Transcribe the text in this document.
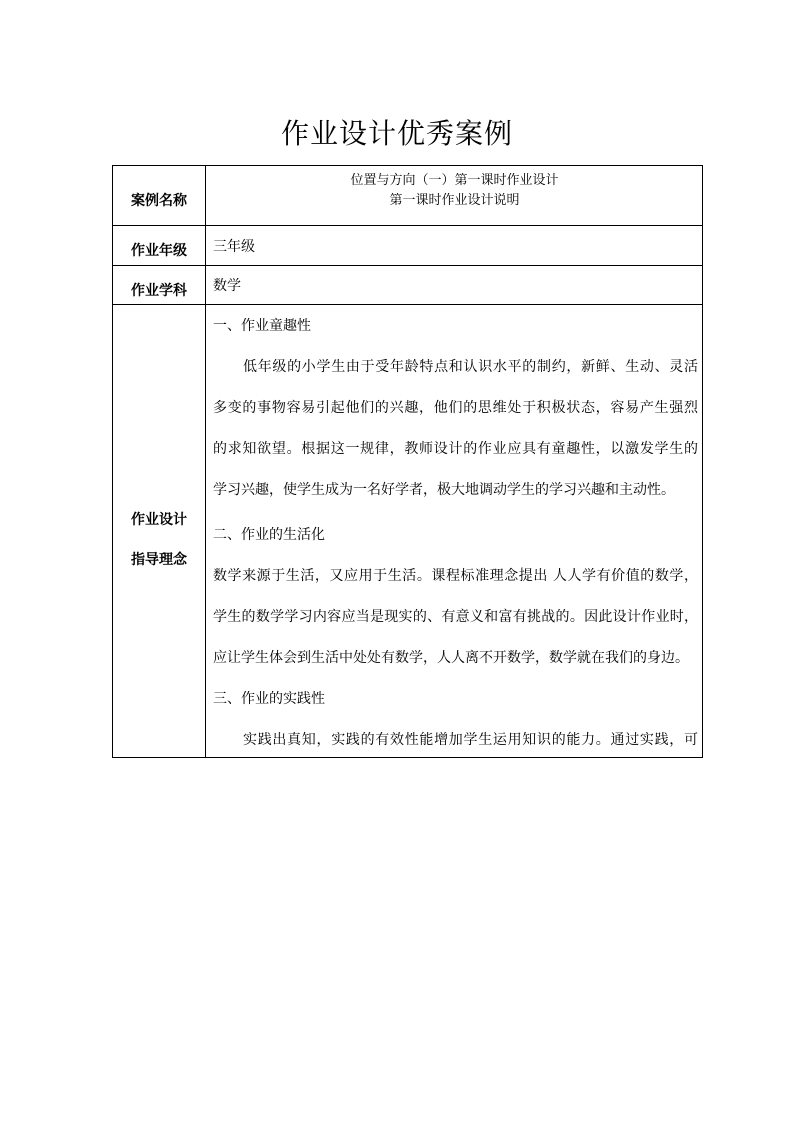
作业设计优秀案例
案例名称
位置与方向（一）第一课时作业设计
第一课时作业设计说明
作业年级	三年级
作业学科	数学
作业设计
指导理念
一、作业童趣性

低年级的小学生由于受年龄特点和认识水平的制约，新鲜、生动、灵活

多变的事物容易引起他们的兴趣，他们的思维处于积极状态，容易产生强烈

的求知欲望。根据这一规律，教师设计的作业应具有童趣性，以激发学生的

学习兴趣，使学生成为一名好学者，极大地调动学生的学习兴趣和主动性。

二、作业的生活化

数学来源于生活，又应用于生活。课程标准理念提出 人人学有价值的数学，

学生的数学学习内容应当是现实的、有意义和富有挑战的。因此设计作业时，

应让学生体会到生活中处处有数学，人人离不开数学，数学就在我们的身边。

三、作业的实践性

实践出真知，实践的有效性能增加学生运用知识的能力。通过实践，可
